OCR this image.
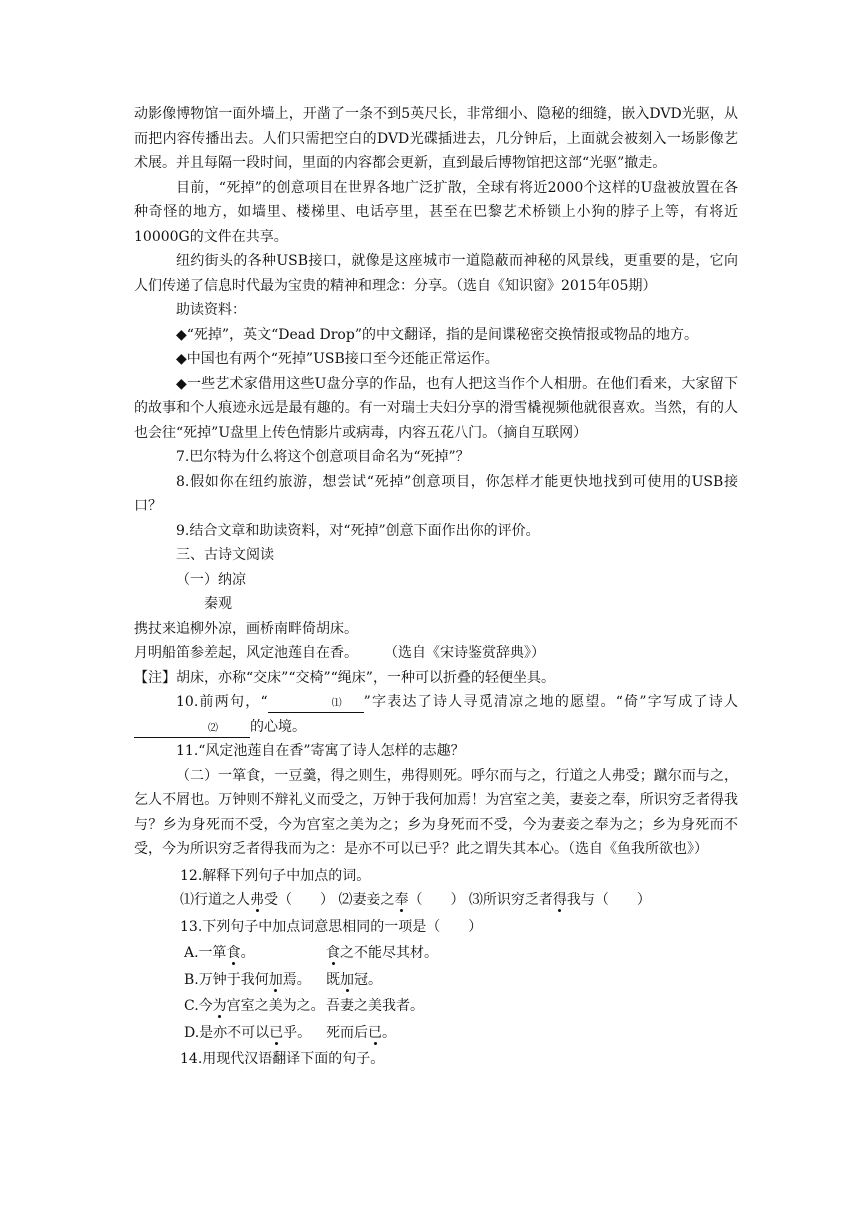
动影像博物馆一面外墙上，开凿了一条不到5英尺长，非常细小、隐秘的细缝，嵌入DVD光驱，从而把内容传播出去。人们只需把空白的DVD光碟插进去，几分钟后，上面就会被刻入一场影像艺术展。并且每隔一段时间，里面的内容都会更新，直到最后博物馆把这部“光驱”撤走。

目前，“死掉”的创意项目在世界各地广泛扩散，全球有将近2000个这样的U盘被放置在各种奇怪的地方，如墙里、楼梯里、电话亭里，甚至在巴黎艺术桥锁上小狗的脖子上等，有将近10000G的文件在共享。

纽约街头的各种USB接口，就像是这座城市一道隐蔽而神秘的风景线，更重要的是，它向人们传递了信息时代最为宝贵的精神和理念：分享。（选自《知识窗》2015年05期）

助读资料：

◆“死掉”，英文“Dead Drop”的中文翻译，指的是间谍秘密交换情报或物品的地方。

◆中国也有两个“死掉”USB接口至今还能正常运作。

◆一些艺术家借用这些U盘分享的作品，也有人把这当作个人相册。在他们看来，大家留下的故事和个人痕迹永远是最有趣的。有一对瑞士夫妇分享的滑雪橇视频他就很喜欢。当然，有的人也会往“死掉”U盘里上传色情影片或病毒，内容五花八门。（摘自互联网）

7.巴尔特为什么将这个创意项目命名为“死掉”？

8.假如你在纽约旅游，想尝试“死掉”创意项目，你怎样才能更快地找到可使用的USB接口？

9.结合文章和助读资料，对“死掉”创意下面作出你的评价。

三、古诗文阅读

（一）纳凉

秦观

携扙来追柳外凉，画桥南畔倚胡床。

月明船笛参差起，风定池莲自在香。 （选自《宋诗鉴赏辞典》）

【注】胡床，亦称“交床”“交椅”“绳床”，一种可以折叠的轻便坐具。

10.前两句，“	⑴ ”字表达了诗人寻觅清凉之地的愿望。“倚”字写成了诗人⑵ 的心境。

11.“风定池莲自在香”寄寓了诗人怎样的志趣？

（二）一箪食，一豆羹，得之则生，弗得则死。呼尔而与之，行道之人弗受；蹴尔而与之，乞人不屑也。万钟则不辩礼义而受之，万钟于我何加焉！为宫室之美，妻妾之奉，所识穷乏者得我与？乡为身死而不受，今为宫室之美为之；乡为身死而不受，今为妻妾之奉为之；乡为身死而不受，今为所识穷乏者得我而为之：是亦不可以已乎？此之谓失其本心。（选自《鱼我所欲也》）

12.解释下列句子中加点的词。

⑴行道之人弗受（　　） ⑵妻妾之奉（　　） ⑶所识穷乏者得我与（　　）

13.下列句子中加点词意思相同的一项是（　　）

A.一箪食。	食之不能尽其材。

B.万钟于我何加焉。	既加冠。

C.今为宫室之美为之。 吾妻之美我者。

D.是亦不可以已乎。	死而后已。

14.用现代汉语翻译下面的句子。
